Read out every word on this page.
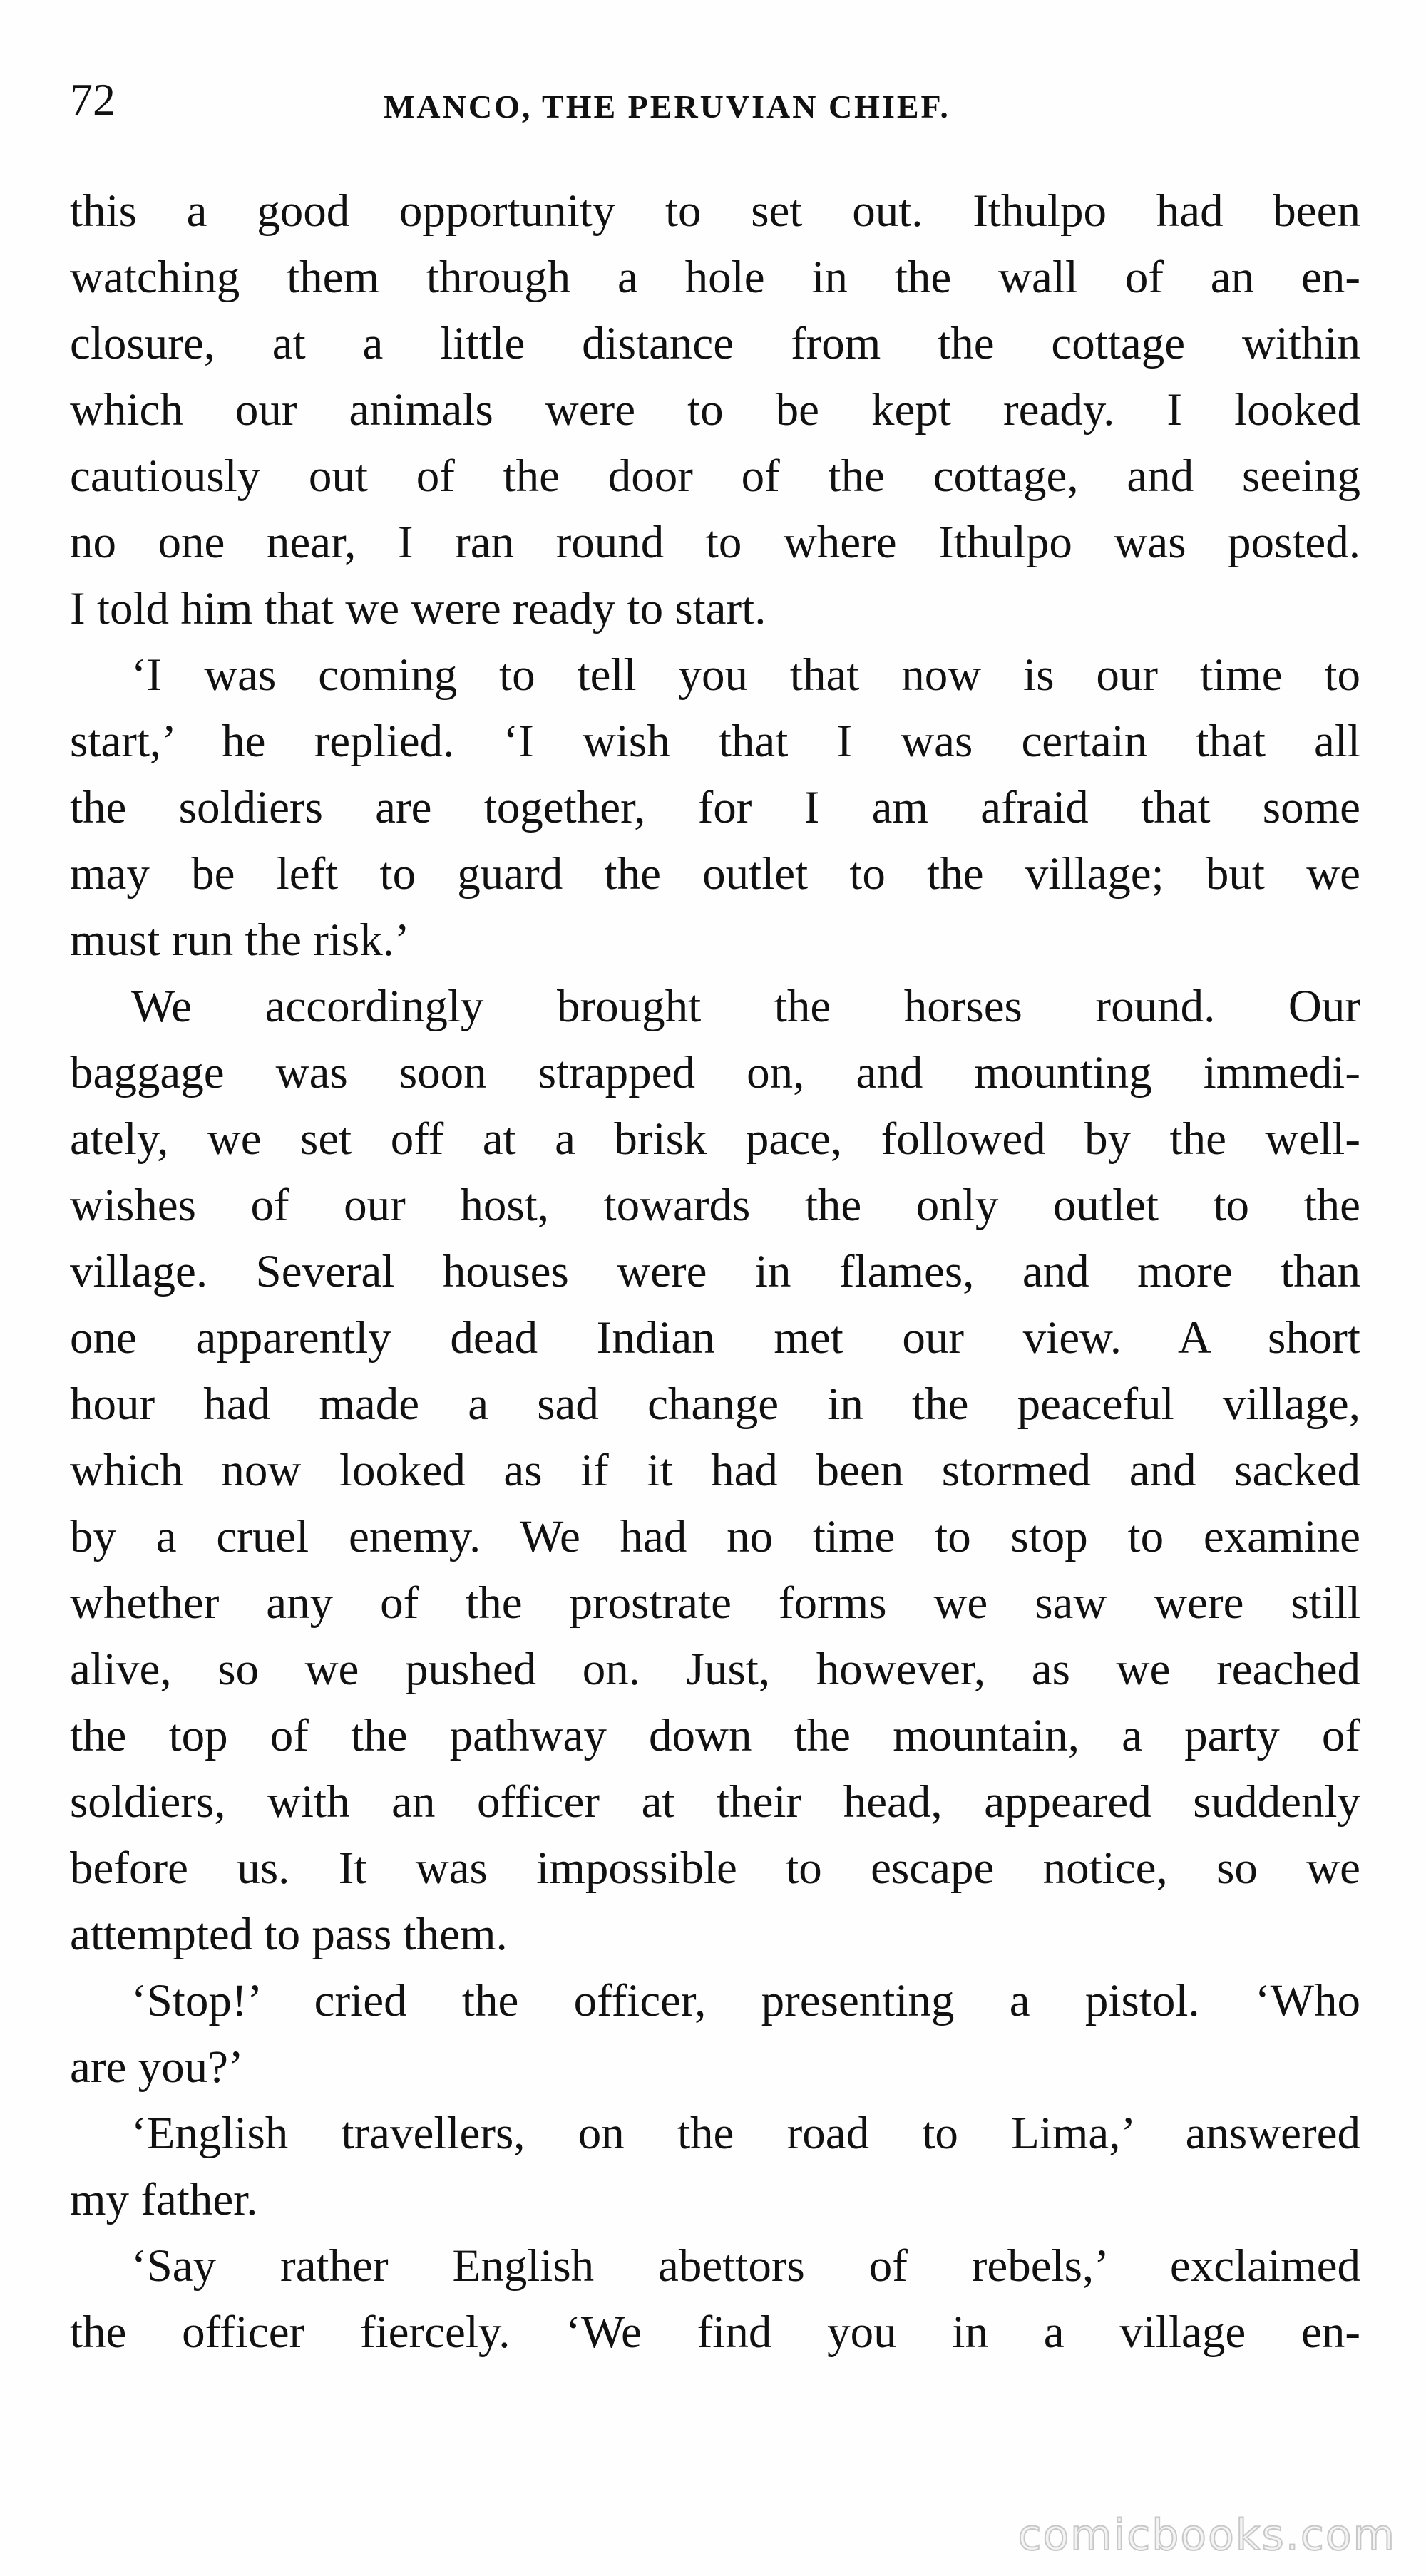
72	MANCO, THE PERUVIAN CHIEF.
this a good opportunity to set out. Ithulpo had been
watching them through a hole in the wall of an en-
closure, at a little distance from the cottage within
which our animals were to be kept ready. I looked
cautiously out of the door of the cottage, and seeing
no one near, I ran round to where Ithulpo was posted.
I told him that we were ready to start.
‘I was coming to tell you that now is our time to
start,’ he replied. ‘I wish that I was certain that all
the soldiers are together, for I am afraid that some
may be left to guard the outlet to the village; but we
must run the risk.’
We accordingly brought the horses round. Our
baggage was soon strapped on, and mounting immedi-
ately, we set off at a brisk pace, followed by the well-
wishes of our host, towards the only outlet to the
village. Several houses were in flames, and more than
one apparently dead Indian met our view. A short
hour had made a sad change in the peaceful village,
which now looked as if it had been stormed and sacked
by a cruel enemy. We had no time to stop to examine
whether any of the prostrate forms we saw were still
alive, so we pushed on. Just, however, as we reached
the top of the pathway down the mountain, a party of
soldiers, with an officer at their head, appeared suddenly
before us. It was impossible to escape notice, so we
attempted to pass them.
‘Stop!’ cried the officer, presenting a pistol. ‘Who
are you?’
‘English travellers, on the road to Lima,’ answered
my father.
‘Say rather English abettors of rebels,’ exclaimed
the officer fiercely. ‘We find you in a village en-
comicbooks.com
